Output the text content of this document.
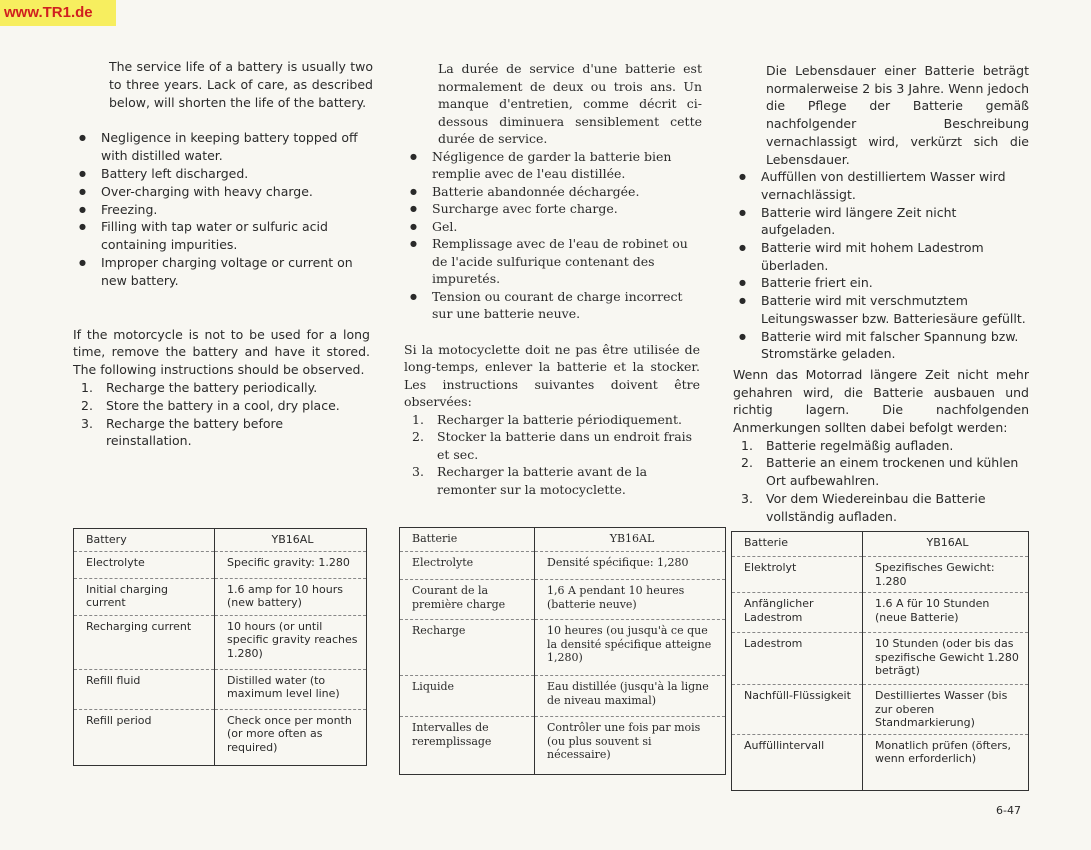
www.TR1.de

The service life of a battery is usually two to three years. Lack of care, as described below, will shorten the life of the battery.

● Negligence in keeping battery topped off with distilled water.
● Battery left discharged.
● Over-charging with heavy charge.
● Freezing.
● Filling with tap water or sulfuric acid containing impurities.
● Improper charging voltage or current on new battery.

If the motorcycle is not to be used for a long time, remove the battery and have it stored. The following instructions should be observed.

1. Recharge the battery periodically.
2. Store the battery in a cool, dry place.
3. Recharge the battery before reinstallation.
Battery	YB16AL
Electrolyte	Specific gravity: 1.280
Initial charging current	1.6 amp for 10 hours (new battery)
Recharging current	10 hours (or until specific gravity reaches 1.280)
Refill fluid	Distilled water (to maximum level line)
Refill period	Check once per month (or more often as required)

La durée de service d'une batterie est normalement de deux ou trois ans. Un manque d'entretien, comme décrit ci-dessous diminuera sensiblement cette durée de service.

● Négligence de garder la batterie bien remplie avec de l'eau distillée.
● Batterie abandonnée déchargée.
● Surcharge avec forte charge.
● Gel.
● Remplissage avec de l'eau de robinet ou de l'acide sulfurique contenant des impuretés.
● Tension ou courant de charge incorrect sur une batterie neuve.

Si la motocyclette doit ne pas être utilisée de long-temps, enlever la batterie et la stocker. Les instructions suivantes doivent être observées:

1. Recharger la batterie périodiquement.
2. Stocker la batterie dans un endroit frais et sec.
3. Recharger la batterie avant de la remonter sur la motocyclette.
Batterie	YB16AL
Electrolyte	Densité spécifique: 1,280
Courant de la première charge	1,6 A pendant 10 heures (batterie neuve)
Recharge	10 heures (ou jusqu'à ce que la densité spécifique atteigne 1,280)
Liquide	Eau distillée (jusqu'à la ligne de niveau maximal)
Intervalles de reremplissage	Contrôler une fois par mois (ou plus souvent si nécessaire)

Die Lebensdauer einer Batterie beträgt normalerweise 2 bis 3 Jahre. Wenn jedoch die Pflege der Batterie gemäß nachfolgender Beschreibung vernachlassigt wird, verkürzt sich die Lebensdauer.

● Auffüllen von destilliertem Wasser wird vernachlässigt.
● Batterie wird längere Zeit nicht aufgeladen.
● Batterie wird mit hohem Ladestrom überladen.
● Batterie friert ein.
● Batterie wird mit verschmutztem Leitungswasser bzw. Batteriesäure gefüllt.
● Batterie wird mit falscher Spannung bzw. Stromstärke geladen.

Wenn das Motorrad längere Zeit nicht mehr gehahren wird, die Batterie ausbauen und richtig lagern. Die nachfolgenden Anmerkungen sollten dabei befolgt werden:

1. Batterie regelmäßig aufladen.
2. Batterie an einem trockenen und kühlen Ort aufbewahlren.
3. Vor dem Wiedereinbau die Batterie vollständig aufladen.
Batterie	YB16AL
Elektrolyt	Spezifisches Gewicht: 1.280
Anfänglicher Ladestrom	1.6 A für 10 Stunden (neue Batterie)
Ladestrom	10 Stunden (oder bis das spezifische Gewicht 1.280 beträgt)
Nachfüll-Flüssigkeit	Destilliertes Wasser (bis zur oberen Standmarkierung)
Auffüllintervall	Monatlich prüfen (öfters, wenn erforderlich)
6-47
